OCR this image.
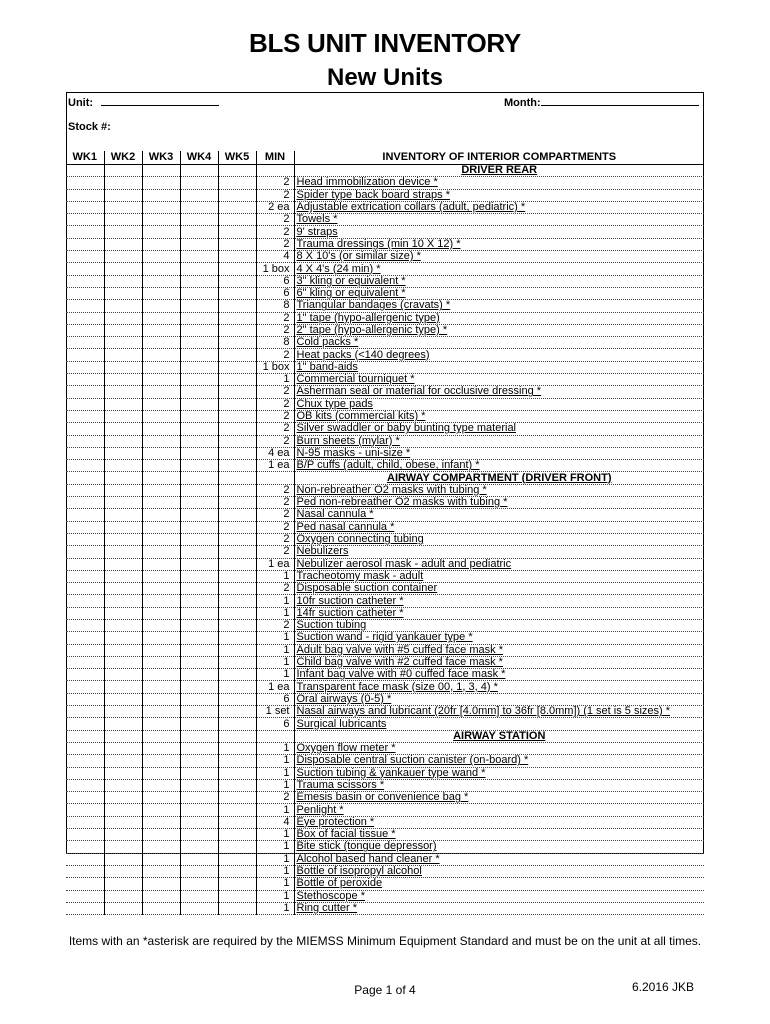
BLS UNIT INVENTORY
New Units
Unit:	Month:
Stock #:
WK1	WK2	WK3	WK4	WK5	MIN	INVENTORY OF INTERIOR COMPARTMENTS
						DRIVER REAR
					2	Head immobilization device *
					2	Spider type back board straps *
					2 ea	Adjustable extrication collars (adult, pediatric) *
					2	Towels *
					2	9' straps
					2	Trauma dressings (min 10 X 12) *
					4	8 X 10's (or similar size) *
					1 box	4 X 4's (24 min) *
					6	3" kling or equivalent *
					6	6" kling or equivalent *
					8	Triangular bandages (cravats) *
					2	1" tape (hypo-allergenic type)
					2	2" tape (hypo-allergenic type) *
					8	Cold packs *
					2	Heat packs (<140 degrees)
					1 box	1" band-aids
					1	Commercial tourniquet *
					2	Asherman seal or material for occlusive dressing *
					2	Chux type pads
					2	OB kits (commercial kits) *
					2	Silver swaddler or baby bunting type material
					2	Burn sheets (mylar) *
					4 ea	N-95 masks - uni-size *
					1 ea	B/P cuffs (adult, child, obese, infant) *
						AIRWAY COMPARTMENT (DRIVER FRONT)
					2	Non-rebreather O2 masks with tubing *
					2	Ped non-rebreather O2 masks with tubing *
					2	Nasal cannula *
					2	Ped nasal cannula *
					2	Oxygen connecting tubing
					2	Nebulizers
					1 ea	Nebulizer aerosol mask - adult and pediatric
					1	Tracheotomy mask - adult
					2	Disposable suction container
					1	10fr suction catheter *
					1	14fr suction catheter *
					2	Suction tubing
					1	Suction wand - rigid yankauer type *
					1	Adult bag valve with #5 cuffed face mask *
					1	Child bag valve with #2 cuffed face mask *
					1	Infant bag valve with #0 cuffed face mask *
					1 ea	Transparent face mask (size 00, 1, 3, 4) *
					6	Oral airways (0-5) *
					1 set	Nasal airways and lubricant (20fr [4.0mm] to 36fr [8.0mm]) (1 set is 5 sizes) *
					6	Surgical lubricants
						AIRWAY STATION
					1	Oxygen flow meter *
					1	Disposable central suction canister (on-board) *
					1	Suction tubing & yankauer type wand *
					1	Trauma scissors *
					2	Emesis basin or convenience bag *
					1	Penlight *
					4	Eye protection *
					1	Box of facial tissue *
					1	Bite stick (tongue depressor)
					1	Alcohol based hand cleaner *
					1	Bottle of isopropyl alcohol
					1	Bottle of peroxide
					1	Stethoscope *
					1	Ring cutter *
Items with an *asterisk are required by the MIEMSS Minimum Equipment Standard and must be on the unit at all times.
Page 1 of 4	6.2016 JKB
